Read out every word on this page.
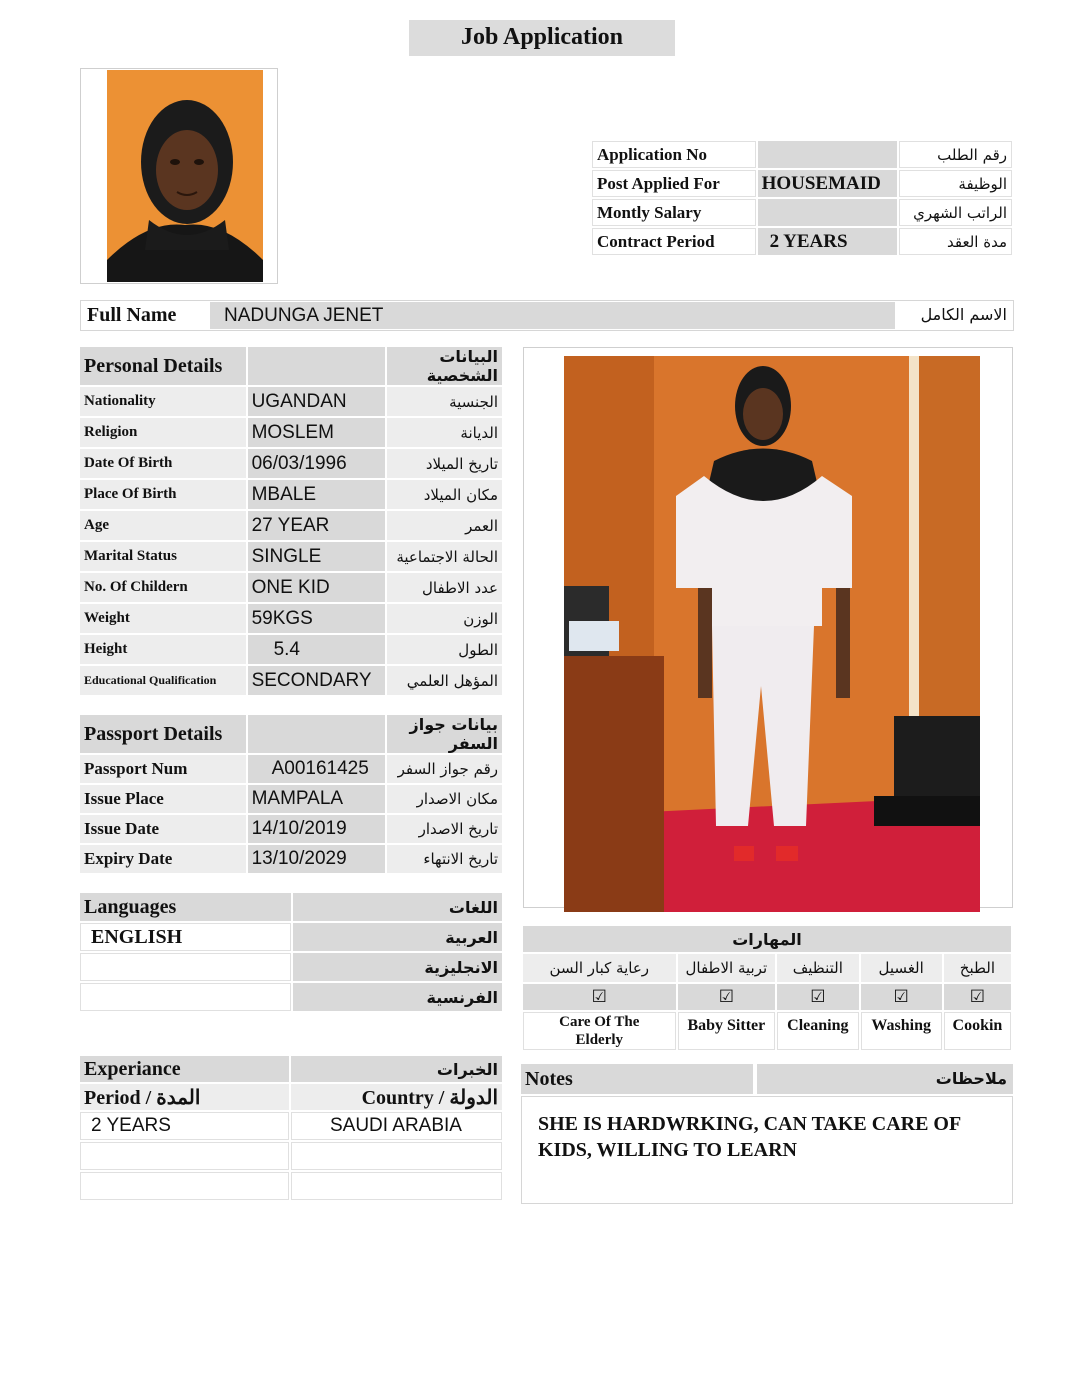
Job Application
Application No		رقم الطلب
Post Applied For	HOUSEMAID	الوظيفة
Montly Salary		الراتب الشهري
Contract Period	2 YEARS	مدة العقد
Full Name	NADUNGA JENET	الاسم الكامل
Personal Details		البيانات الشخصية
Nationality	UGANDAN	الجنسية
Religion	MOSLEM	الديانة
Date Of Birth	06/03/1996	تاريخ الميلاد
Place Of Birth	MBALE	مكان الميلاد
Age	27 YEAR	العمر
Marital Status	SINGLE	الحالة الاجتماعية
No. Of Childern	ONE KID	عدد الاطفال
Weight	59KGS	الوزن
Height	5.4	الطول
Educational Qualification	SECONDARY	المؤهل العلمي
Passport Details		بيانات جواز السفر
Passport Num	A00161425	رقم جواز السفر
Issue Place	MAMPALA	مكان الاصدار
Issue Date	14/10/2019	تاريخ الاصدار
Expiry Date	13/10/2029	تاريخ الانتهاء
Languages	اللغات
ENGLISH	العربية
	الانجليزية
	الفرنسية
المهارات				
رعاية كبار السن	تربية الاطفال	التنظيف	الغسيل	الطبخ
☑	☑	☑	☑	☑
Care Of The Elderly	Baby Sitter	Cleaning	Washing	Cookin
Experiance	الخبرات
Period / المدة	Country / الدولة
2 YEARS	SAUDI ARABIA

Notes	ملاحظات
SHE IS HARDWRKING, CAN TAKE CARE OF KIDS, WILLING TO LEARN
